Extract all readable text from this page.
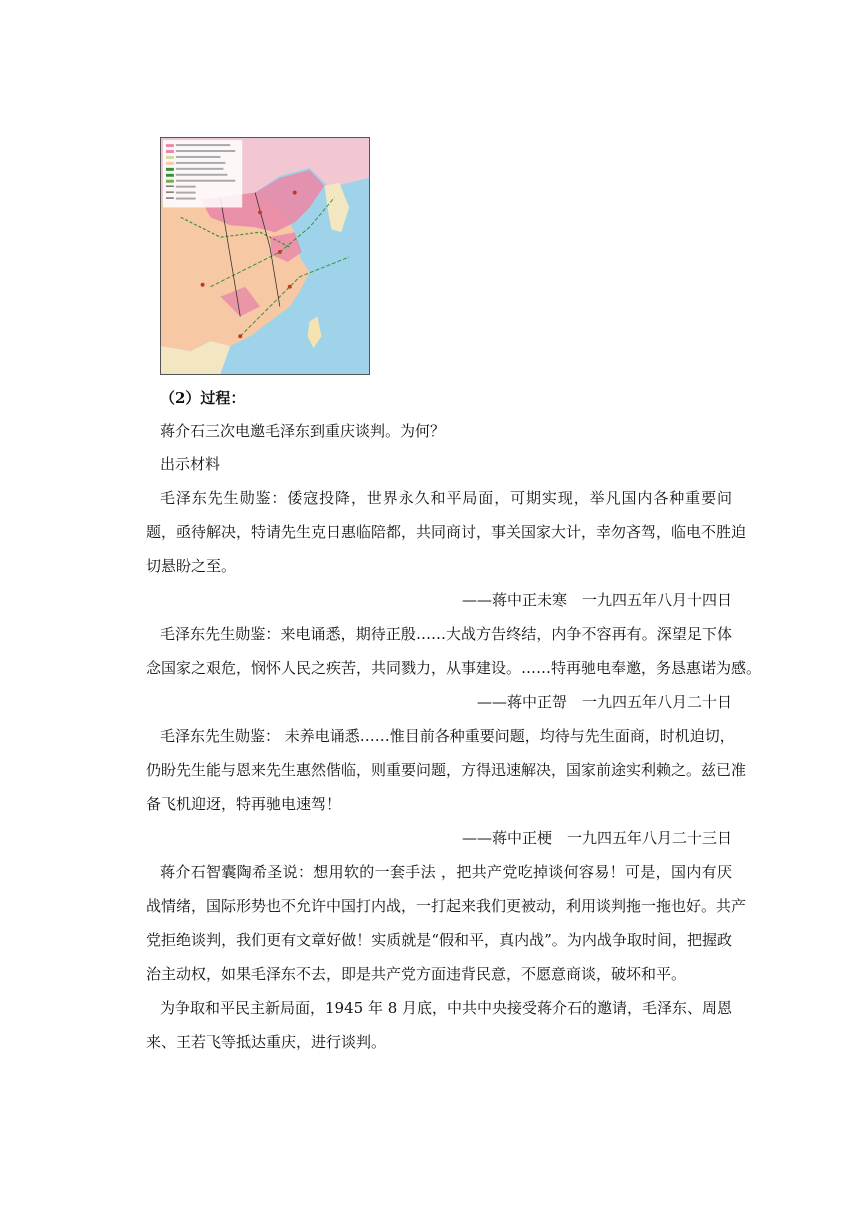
（2）过程：
蒋介石三次电邀毛泽东到重庆谈判。为何？
出示材料
毛泽东先生勋鉴：倭寇投降，世界永久和平局面，可期实现，举凡国内各种重要问
题，亟待解决，特请先生克日惠临陪都，共同商讨，事关国家大计，幸勿吝驾，临电不胜迫
切悬盼之至。
——蒋中正未寒　一九四五年八月十四日
毛泽东先生勋鉴：来电诵悉，期待正殷……大战方告终结，内争不容再有。深望足下体
念国家之艰危，悯怀人民之疾苦，共同戮力，从事建设。……特再驰电奉邀，务恳惠诺为感。
——蒋中正哿　一九四五年八月二十日
毛泽东先生勋鉴： 未养电诵悉……惟目前各种重要问题，均待与先生面商，时机迫切，
仍盼先生能与恩来先生惠然偕临，则重要问题，方得迅速解决，国家前途实利赖之。兹已准
备飞机迎迓，特再驰电速驾！
——蒋中正梗　一九四五年八月二十三日
蒋介石智囊陶希圣说：想用软的一套手法 ，把共产党吃掉谈何容易！可是，国内有厌
战情绪，国际形势也不允许中国打内战，一打起来我们更被动，利用谈判拖一拖也好。共产
党拒绝谈判，我们更有文章好做！实质就是“假和平，真内战”。为内战争取时间，把握政
治主动权，如果毛泽东不去，即是共产党方面违背民意，不愿意商谈，破坏和平。
为争取和平民主新局面，1945 年 8 月底，中共中央接受蒋介石的邀请，毛泽东、周恩
来、王若飞等抵达重庆，进行谈判。
